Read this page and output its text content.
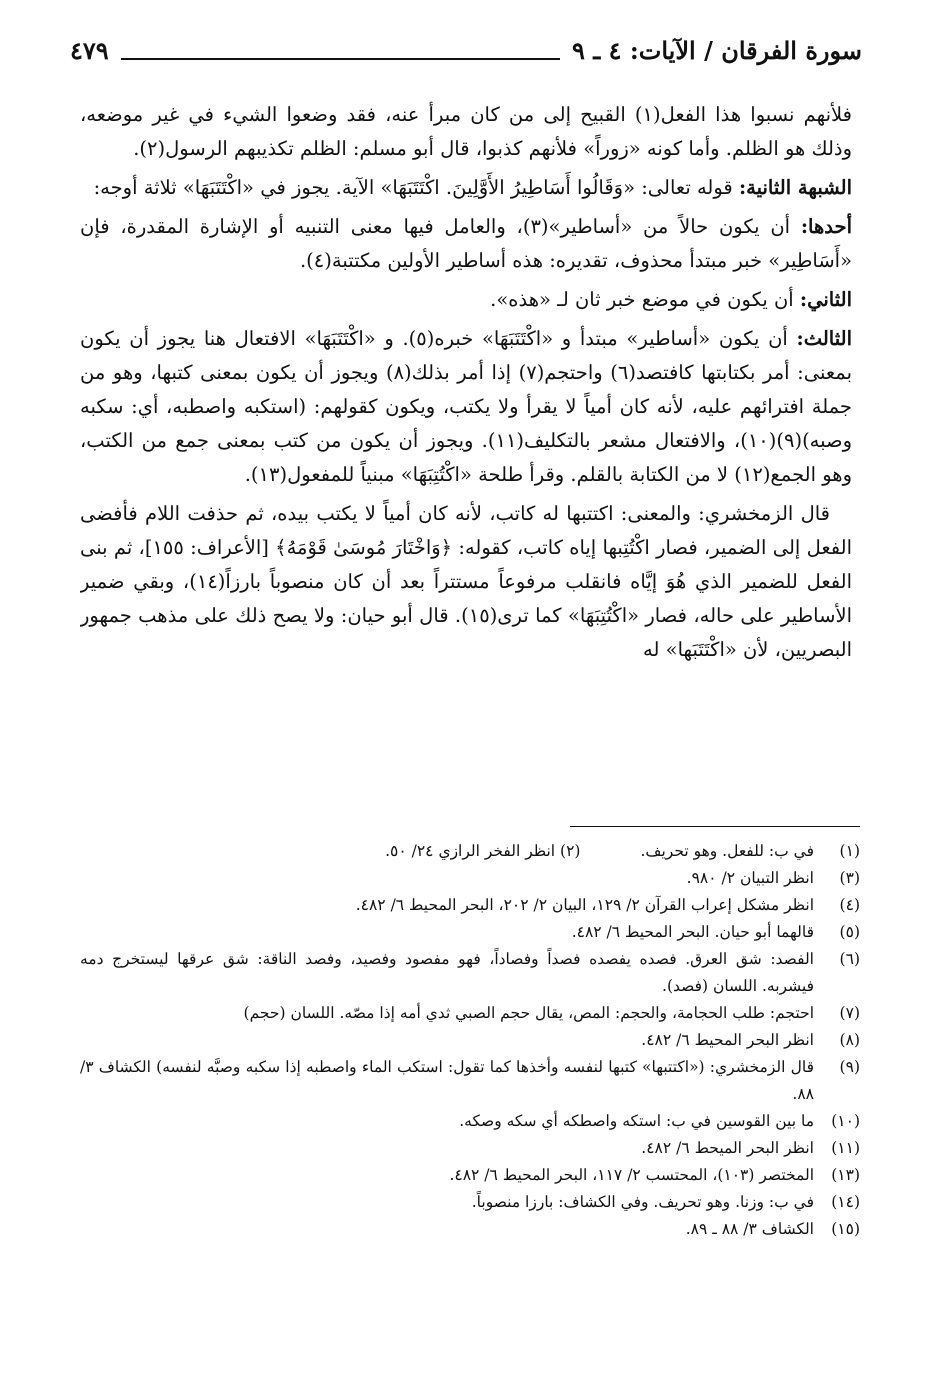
سورة الفرقان / الآيات: ٤ ـ ٩
٤٧٩

فلأنهم نسبوا هذا الفعل(١) القبيح إلى من كان مبرأ عنه، فقد وضعوا الشيء في غير موضعه، وذلك هو الظلم. وأما كونه «زوراً» فلأنهم كذبوا، قال أبو مسلم: الظلم تكذيبهم الرسول(٢).

الشبهة الثانية: قوله تعالى: «وَقَالُوا أَسَاطِيرُ الأَوَّلِينَ. اكْتَتَبَهَا» الآية. يجوز في «اكْتَتَبَهَا» ثلاثة أوجه:

أحدها: أن يكون حالاً من «أساطير»(٣)، والعامل فيها معنى التنبيه أو الإشارة المقدرة، فإن «أَسَاطِير» خبر مبتدأ محذوف، تقديره: هذه أساطير الأولين مكتتبة(٤).

الثاني: أن يكون في موضع خبر ثان لـ «هذه».

الثالث: أن يكون «أساطير» مبتدأ و «اكْتَتَبَهَا» خبره(٥). و «اكْتَتَبَهَا» الافتعال هنا يجوز أن يكون بمعنى: أمر بكتابتها كافتصد(٦) واحتجم(٧) إذا أمر بذلك(٨) ويجوز أن يكون بمعنى كتبها، وهو من جملة افترائهم عليه، لأنه كان أمياً لا يقرأ ولا يكتب، ويكون كقولهم: (استكبه واصطبه، أي: سكبه وصبه)(٩)(١٠)، والافتعال مشعر بالتكليف(١١). ويجوز أن يكون من كتب بمعنى جمع من الكتب، وهو الجمع(١٢) لا من الكتابة بالقلم. وقرأ طلحة «اكْتُتِبَهَا» مبنياً للمفعول(١٣).

قال الزمخشري: والمعنى: اكتتبها له كاتب، لأنه كان أمياً لا يكتب بيده، ثم حذفت اللام فأفضى الفعل إلى الضمير، فصار اكْتُتِبها إياه كاتب، كقوله: ﴿وَاخْتَارَ مُوسَىٰ قَوْمَهُ﴾ [الأعراف: ١٥٥]، ثم بنى الفعل للضمير الذي هُوَ إيَّاه فانقلب مرفوعاً مستتراً بعد أن كان منصوباً بارزاً(١٤)، وبقي ضمير الأساطير على حاله، فصار «اكْتُتِبَهَا» كما ترى(١٥). قال أبو حيان: ولا يصح ذلك على مذهب جمهور البصريين، لأن «اكْتَتَبَها» له

(١)
في ب: للفعل. وهو تحريف.(٢) انظر الفخر الرازي ٢٤/ ٥٠.
(٣)
انظر التبيان ٢/ ٩٨٠.
(٤)
انظر مشكل إعراب القرآن ٢/ ١٢٩، البيان ٢/ ٢٠٢، البحر المحيط ٦/ ٤٨٢.
(٥)
قالهما أبو حيان. البحر المحيط ٦/ ٤٨٢.
(٦)
الفصد: شق العرق. فصده يفصده فصداً وفصاداً، فهو مفصود وفصيد، وفصد الناقة: شق عرقها ليستخرج دمه فيشربه. اللسان (فصد).
(٧)
احتجم: طلب الحجامة، والحجم: المص، يقال حجم الصبي ثدي أمه إذا مصّه. اللسان (حجم)
(٨)
انظر البحر المحيط ٦/ ٤٨٢.
(٩)
قال الزمخشري: («اكتتبها» كتبها لنفسه وأخذها كما تقول: استكب الماء واصطبه إذا سكبه وصبَّه لنفسه) الكشاف ٣/ ٨٨.
(١٠)
ما بين القوسين في ب: استكه واصطكه أي سكه وصكه.
(١١)
انظر البحر الميحط ٦/ ٤٨٢.
(١٣)
المختصر (١٠٣)، المحتسب ٢/ ١١٧، البحر المحيط ٦/ ٤٨٢.
(١٤)
في ب: وزنا. وهو تحريف. وفي الكشاف: بارزا منصوباً.
(١٥)
الكشاف ٣/ ٨٨ ـ ٨٩.
